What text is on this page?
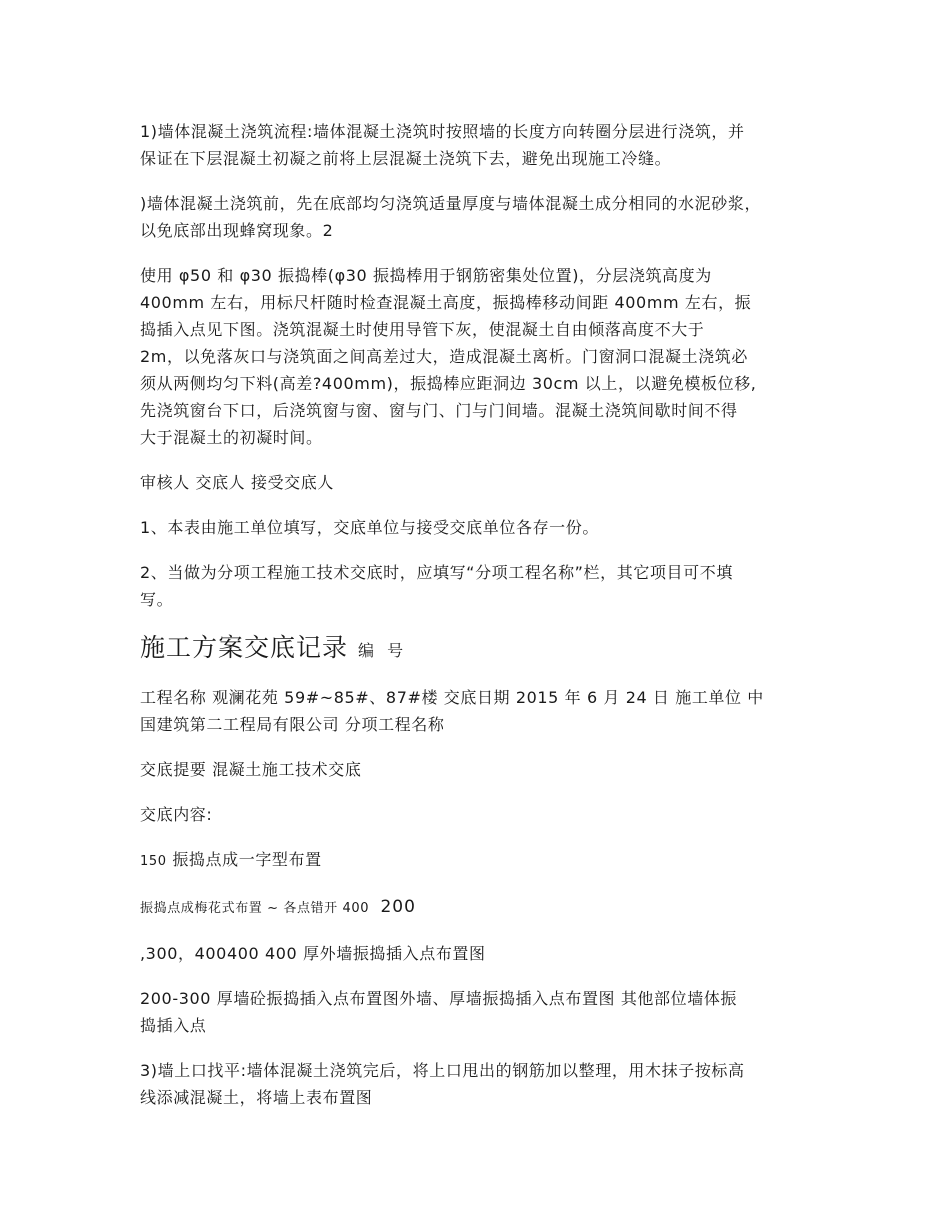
1)墙体混凝土浇筑流程:墙体混凝土浇筑时按照墙的长度方向转圈分层进行浇筑，并
保证在下层混凝土初凝之前将上层混凝土浇筑下去，避免出现施工冷缝。

)墙体混凝土浇筑前，先在底部均匀浇筑适量厚度与墙体混凝土成分相同的水泥砂浆，
以免底部出现蜂窝现象。2

使用 φ50 和 φ30 振捣棒(φ30 振捣棒用于钢筋密集处位置)，分层浇筑高度为
400mm 左右，用标尺杆随时检查混凝土高度，振捣棒移动间距 400mm 左右，振
捣插入点见下图。浇筑混凝土时使用导管下灰，使混凝土自由倾落高度不大于
2m，以免落灰口与浇筑面之间高差过大，造成混凝土离析。门窗洞口混凝土浇筑必
须从两侧均匀下料(高差?400mm)，振捣棒应距洞边 30cm 以上，以避免模板位移,
先浇筑窗台下口，后浇筑窗与窗、窗与门、门与门间墙。混凝土浇筑间歇时间不得
大于混凝土的初凝时间。

审核人 交底人 接受交底人

1、本表由施工单位填写，交底单位与接受交底单位各存一份。

2、当做为分项工程施工技术交底时，应填写“分项工程名称”栏，其它项目可不填
写。

施工方案交底记录 编 号

工程名称 观澜花苑 59#~85#、87#楼 交底日期 2015 年 6 月 24 日 施工单位 中
国建筑第二工程局有限公司 分项工程名称

交底提要 混凝土施工技术交底

交底内容:

150 振捣点成一字型布置

振捣点成梅花式布置 ~ 各点错开 400 200

,300，400400 400 厚外墙振捣插入点布置图

200-300 厚墙砼振捣插入点布置图外墙、厚墙振捣插入点布置图 其他部位墙体振
捣插入点

3)墙上口找平:墙体混凝土浇筑完后，将上口甩出的钢筋加以整理，用木抹子按标高
线添减混凝土，将墙上表布置图
